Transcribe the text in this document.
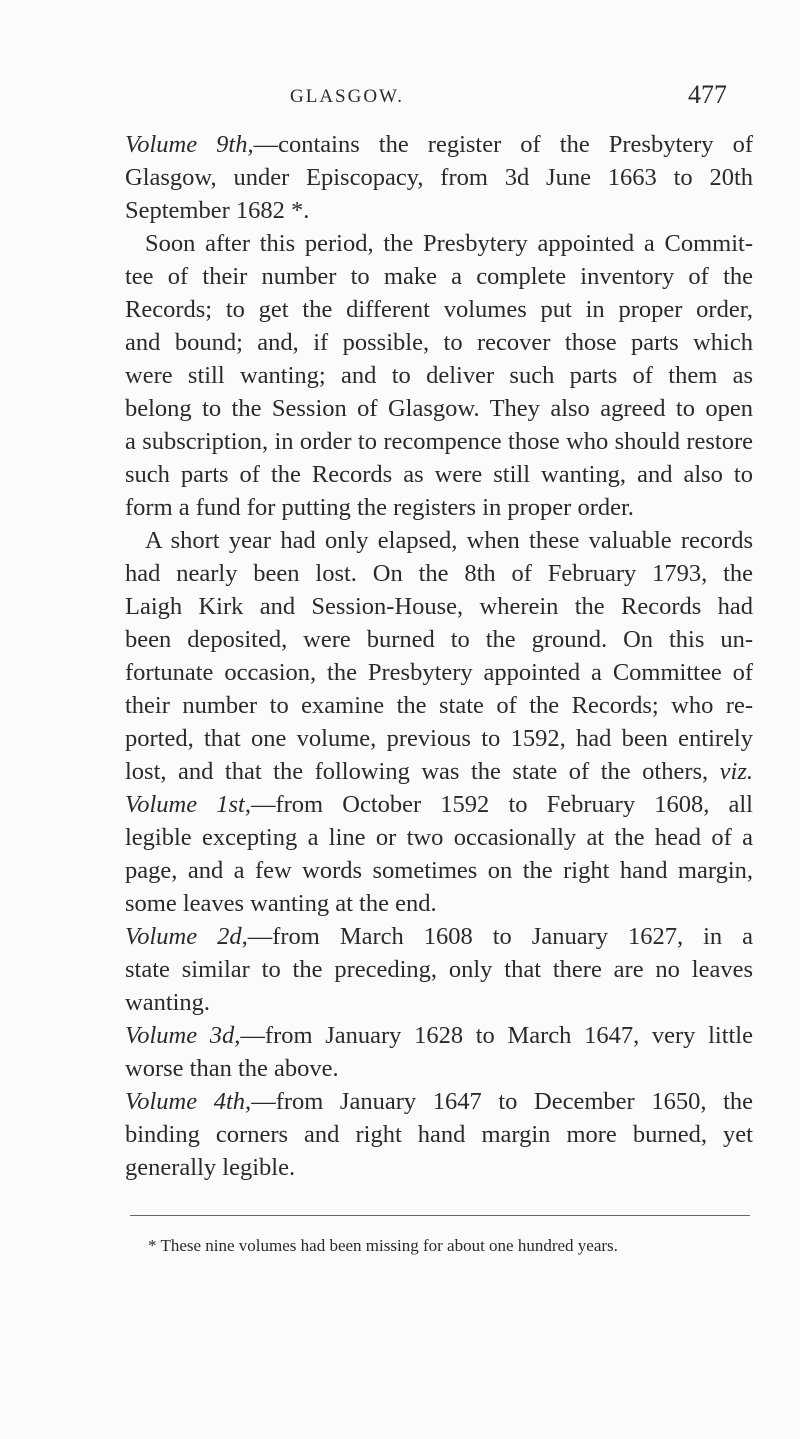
GLASGOW.	477
Volume 9th,—contains the register of the Presbytery of
Glasgow, under Episcopacy, from 3d June 1663 to 20th
September 1682 *.
Soon after this period, the Presbytery appointed a Commit-
tee of their number to make a complete inventory of the
Records; to get the different volumes put in proper order,
and bound; and, if possible, to recover those parts which
were still wanting; and to deliver such parts of them as
belong to the Session of Glasgow. They also agreed to open
a subscription, in order to recompence those who should restore
such parts of the Records as were still wanting, and also to
form a fund for putting the registers in proper order.
A short year had only elapsed, when these valuable records
had nearly been lost. On the 8th of February 1793, the
Laigh Kirk and Session-House, wherein the Records had
been deposited, were burned to the ground. On this un-
fortunate occasion, the Presbytery appointed a Committee of
their number to examine the state of the Records; who re-
ported, that one volume, previous to 1592, had been entirely
lost, and that the following was the state of the others, viz.
Volume 1st,—from October 1592 to February 1608, all
legible excepting a line or two occasionally at the head of a
page, and a few words sometimes on the right hand margin,
some leaves wanting at the end.
Volume 2d,—from March 1608 to January 1627, in a
state similar to the preceding, only that there are no leaves
wanting.
Volume 3d,—from January 1628 to March 1647, very little
worse than the above.
Volume 4th,—from January 1647 to December 1650, the
binding corners and right hand margin more burned, yet
generally legible.
* These nine volumes had been missing for about one hundred years.
